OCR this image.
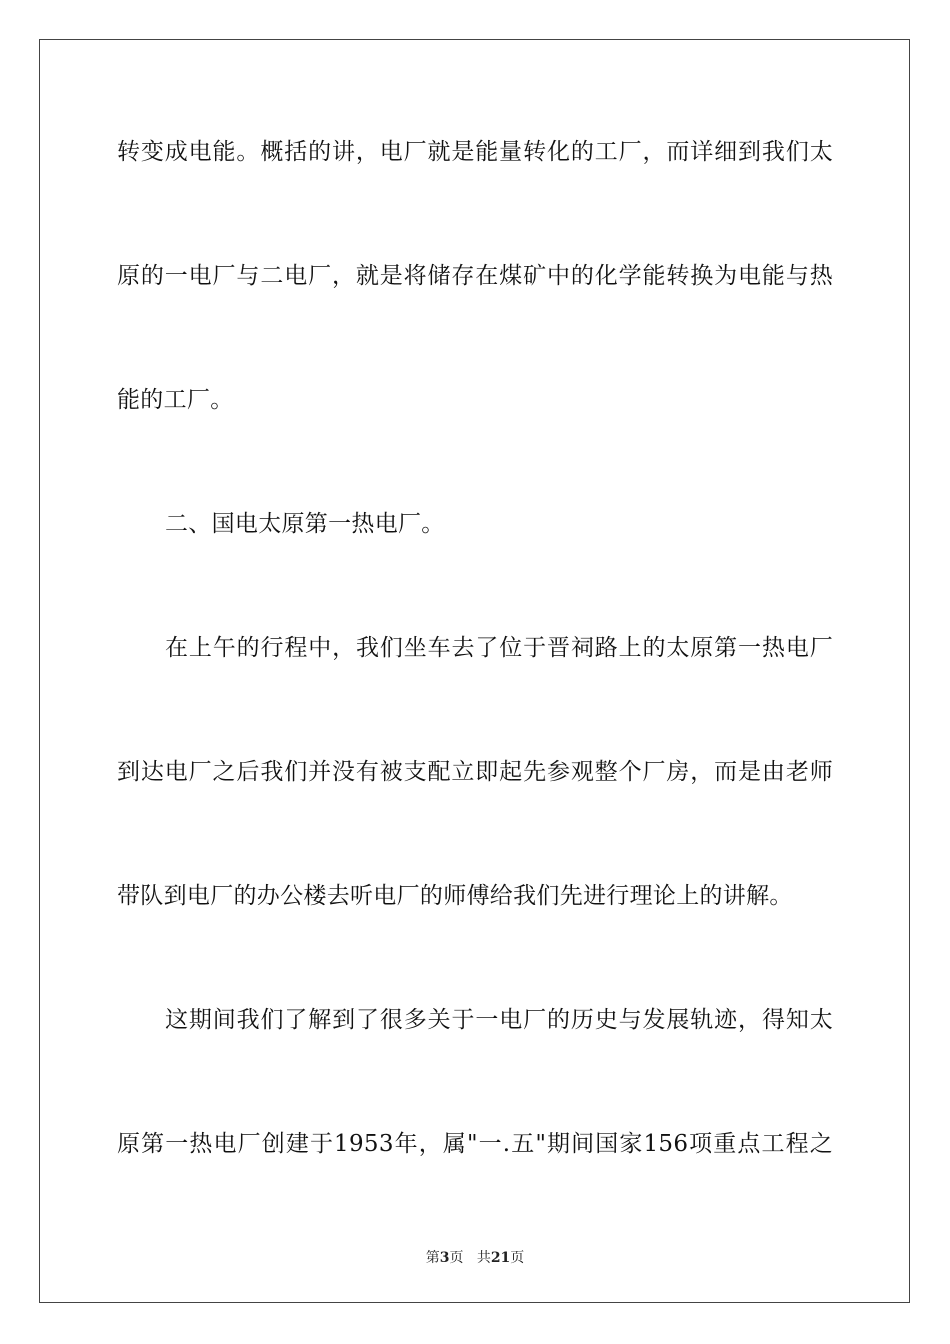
转变成电能。概括的讲，电厂就是能量转化的工厂，而详细到我们太
原的一电厂与二电厂，就是将储存在煤矿中的化学能转换为电能与热
能的工厂。
二、国电太原第一热电厂。
在上午的行程中，我们坐车去了位于晋祠路上的太原第一热电厂
到达电厂之后我们并没有被支配立即起先参观整个厂房，而是由老师
带队到电厂的办公楼去听电厂的师傅给我们先进行理论上的讲解。
这期间我们了解到了很多关于一电厂的历史与发展轨迹，得知太
原第一热电厂创建于1953年，属"一.五"期间国家156项重点工程之
第3页 共21页
